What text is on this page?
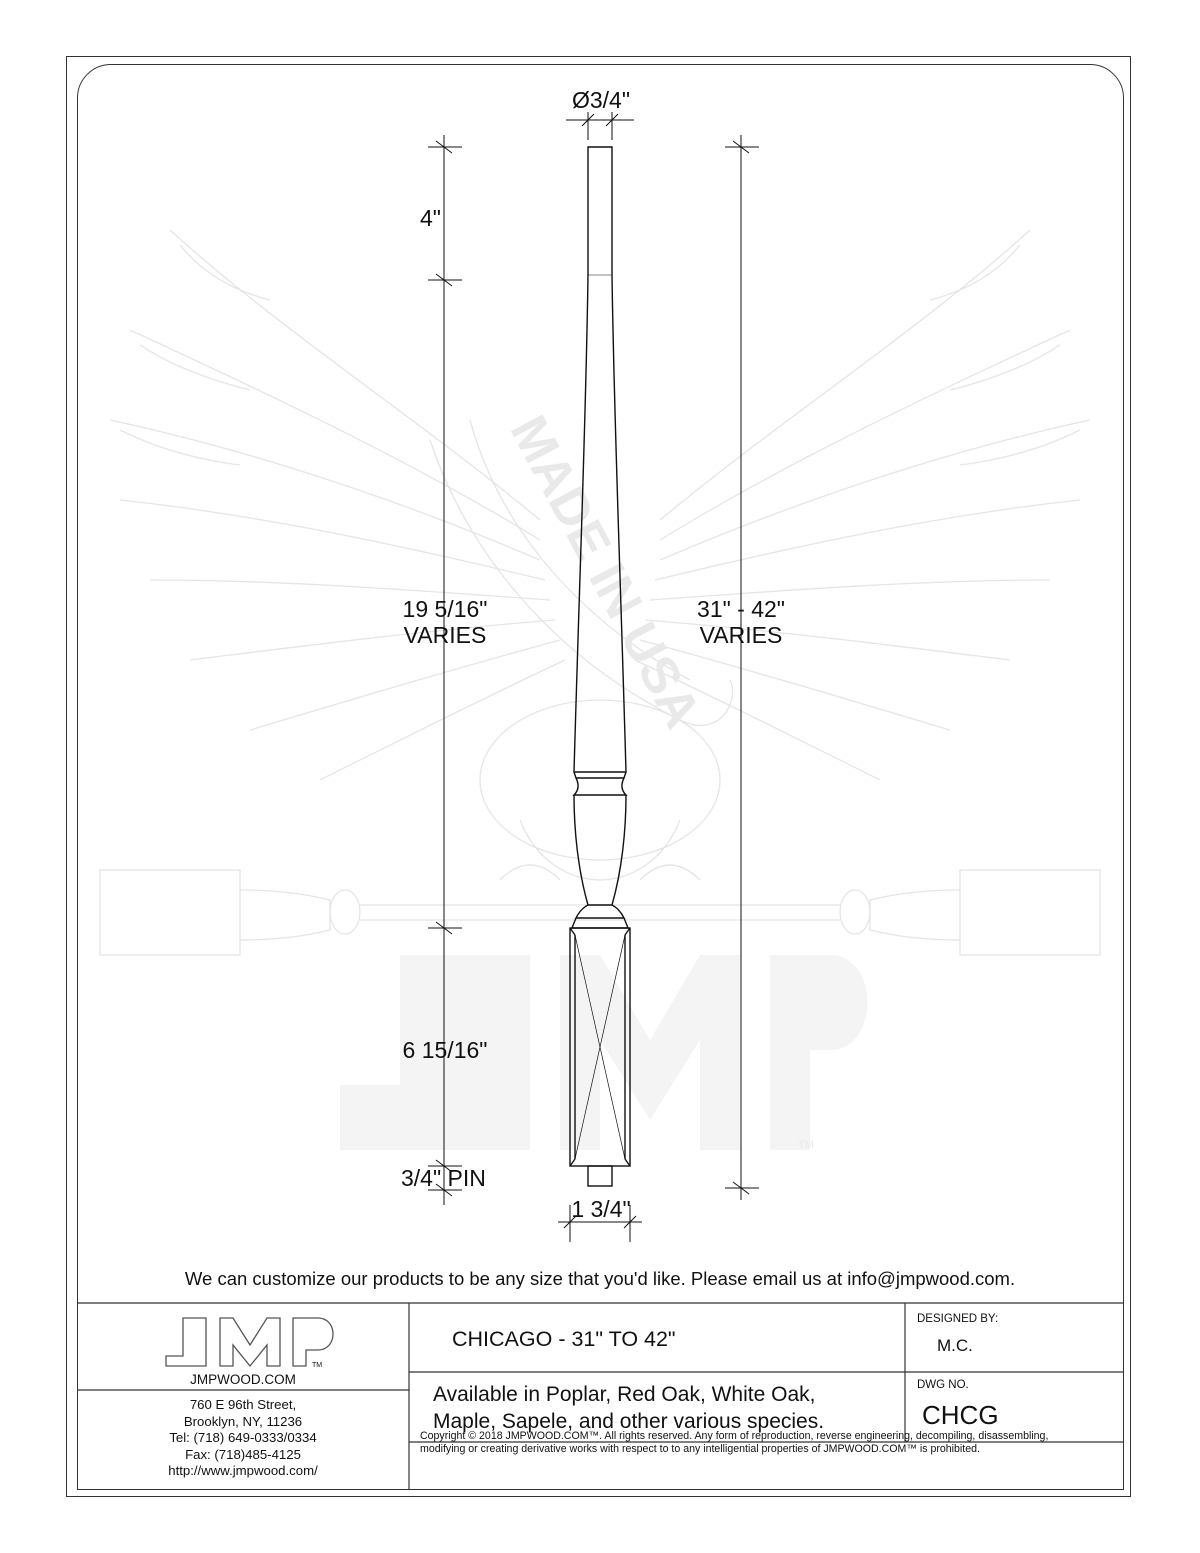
MADE IN USA
JMP
TM
Ø3/4"
4"
19 5/16"
VARIES
31" - 42"
VARIES
6 15/16"
3/4" PIN
1 3/4"
We can customize our products to be any size that you'd like. Please email us at info@jmpwood.com.
TM
JMPWOOD.COM
760 E 96th Street,
Brooklyn, NY, 11236
Tel: (718) 649-0333/0334
Fax: (718)485-4125
http://www.jmpwood.com/
CHICAGO - 31" TO 42"
Available in Poplar, Red Oak, White Oak,
Maple, Sapele, and other various species.
DESIGNED BY:
M.C.
DWG NO.
CHCG
Copyright © 2018 JMPWOOD.COM™. All rights reserved. Any form of reproduction, reverse engineering, decompiling, disassembling,
modifying or creating derivative works with respect to to any intelligential properties of JMPWOOD.COM™ is prohibited.
